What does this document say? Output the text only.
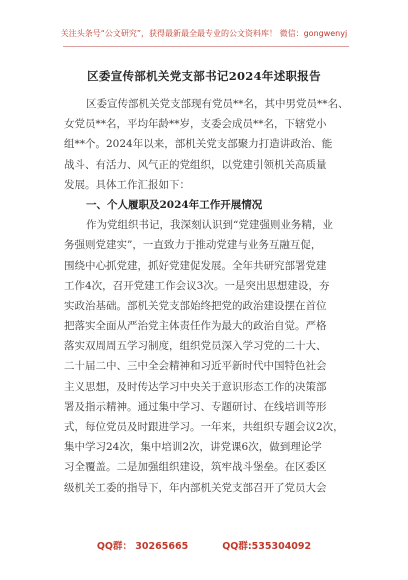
关注头条号“公文研究”，获得最新最全最专业的公文资料库！ 微信：gongwenyj
区委宣传部机关党支部书记2024年述职报告
区委宣传部机关党支部现有党员**名，其中男党员**名、
女党员**名，平均年龄**岁，支委会成员**名，下辖党小
组**个。2024年以来，部机关党支部聚力打造讲政治、能
战斗、有活力、风气正的党组织，以党建引领机关高质量
发展。具体工作汇报如下：
一、个人履职及2024年工作开展情况
作为党组织书记，我深刻认识到“党建强则业务精，业
务强则党建实”，一直致力于推动党建与业务互融互促，
围绕中心抓党建，抓好党建促发展。全年共研究部署党建
工作4次，召开党建工作会议3次。一是突出思想建设，夯
实政治基础。部机关党支部始终把党的政治建设摆在首位
把落实全面从严治党主体责任作为最大的政治自觉。严格
落实双周周五学习制度，组织党员深入学习党的二十大、
二十届二中、三中全会精神和习近平新时代中国特色社会
主义思想，及时传达学习中央关于意识形态工作的决策部
署及指示精神。通过集中学习、专题研讨、在线培训等形
式，每位党员及时跟进学习。一年来，共组织专题会议2次，
集中学习24次，集中培训2次，讲党课6次，做到理论学
习全覆盖。二是加强组织建设，筑牢战斗堡垒。在区委区
级机关工委的指导下，年内部机关党支部召开了党员大会
QQ群： 30265665	QQ群:535304092
